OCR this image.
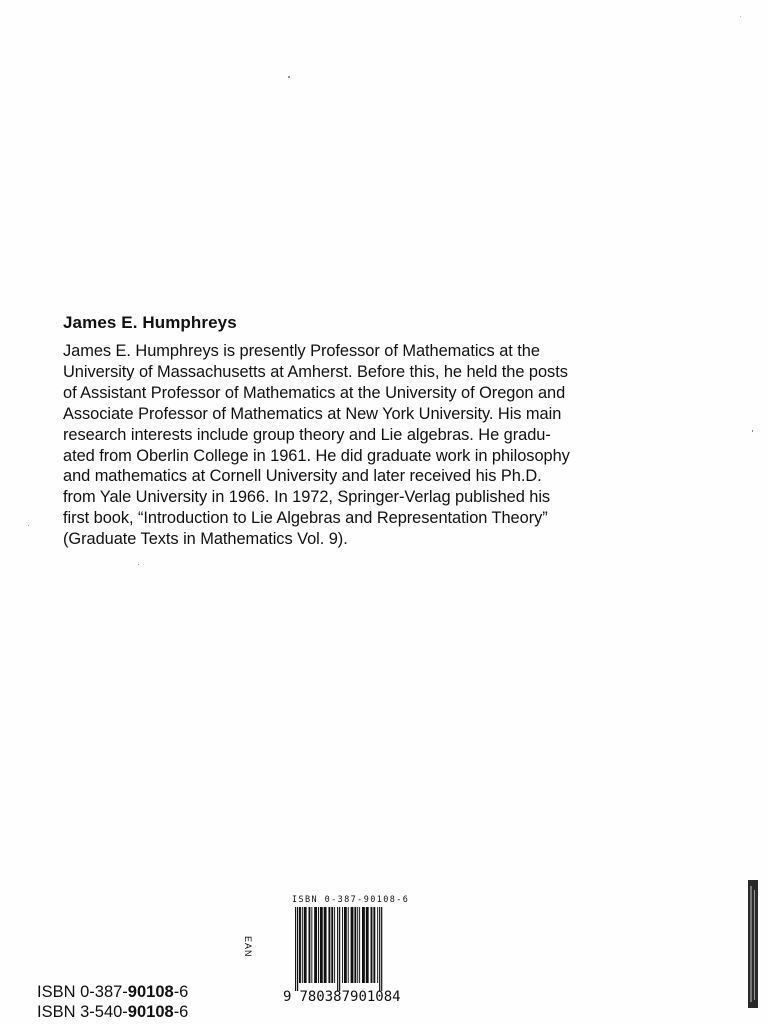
James E. Humphreys

James E. Humphreys is presently Professor of Mathematics at the
University of Massachusetts at Amherst. Before this, he held the posts
of Assistant Professor of Mathematics at the University of Oregon and
Associate Professor of Mathematics at New York University. His main
research interests include group theory and Lie algebras. He gradu-
ated from Oberlin College in 1961. He did graduate work in philosophy
and mathematics at Cornell University and later received his Ph.D.
from Yale University in 1966. In 1972, Springer-Verlag published his
first book, “Introduction to Lie Algebras and Representation Theory”
(Graduate Texts in Mathematics Vol. 9).

ISBN 0-387-90108-6
ISBN 3-540-90108-6
EAN
ISBN 0-387-90108-6
9 780387901084
